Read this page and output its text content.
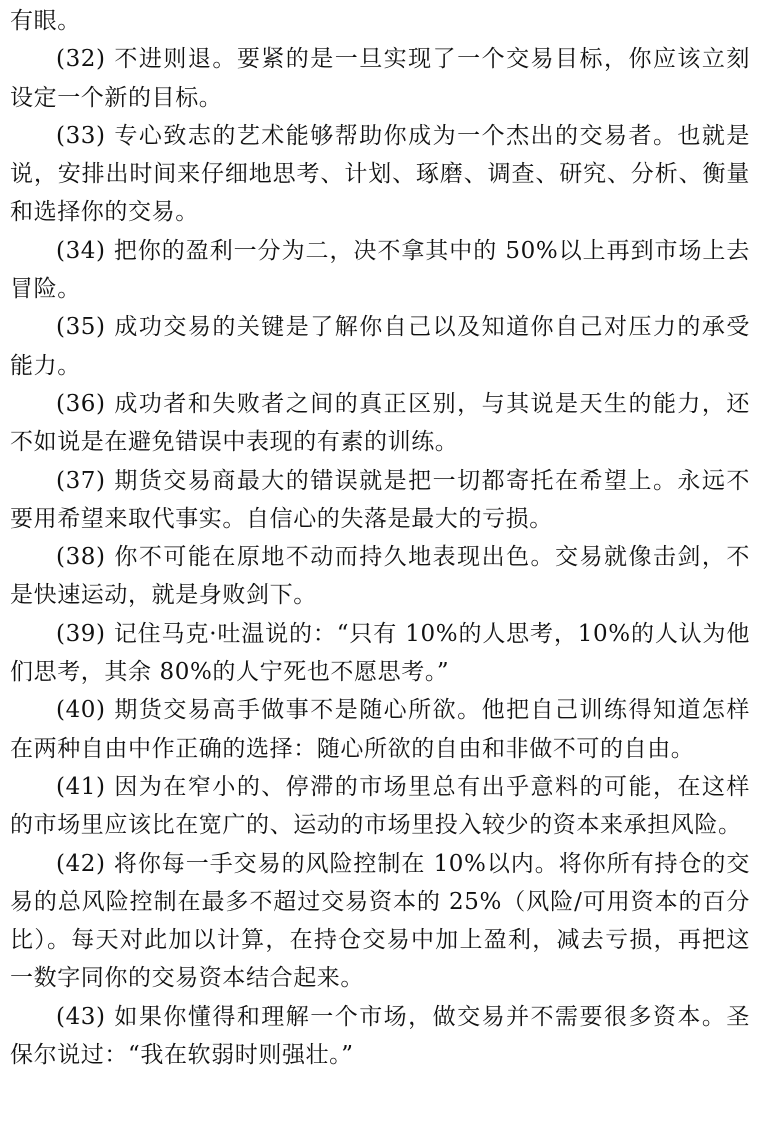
有眼。

(32) 不进则退。要紧的是一旦实现了一个交易目标，你应该立刻设定一个新的目标。

(33) 专心致志的艺术能够帮助你成为一个杰出的交易者。也就是说，安排出时间来仔细地思考、计划、琢磨、调查、研究、分析、衡量和选择你的交易。

(34) 把你的盈利一分为二，决不拿其中的 50%以上再到市场上去冒险。

(35) 成功交易的关键是了解你自己以及知道你自己对压力的承受能力。

(36) 成功者和失败者之间的真正区别，与其说是天生的能力，还不如说是在避免错误中表现的有素的训练。

(37) 期货交易商最大的错误就是把一切都寄托在希望上。永远不要用希望来取代事实。自信心的失落是最大的亏损。

(38) 你不可能在原地不动而持久地表现出色。交易就像击剑，不是快速运动，就是身败剑下。

(39) 记住马克·吐温说的：“只有 10%的人思考，10%的人认为他们思考，其余 80%的人宁死也不愿思考。”

(40) 期货交易高手做事不是随心所欲。他把自己训练得知道怎样在两种自由中作正确的选择：随心所欲的自由和非做不可的自由。

(41) 因为在窄小的、停滞的市场里总有出乎意料的可能，在这样的市场里应该比在宽广的、运动的市场里投入较少的资本来承担风险。

(42) 将你每一手交易的风险控制在 10%以内。将你所有持仓的交易的总风险控制在最多不超过交易资本的 25%（风险/可用资本的百分比）。每天对此加以计算，在持仓交易中加上盈利，减去亏损，再把这一数字同你的交易资本结合起来。

(43) 如果你懂得和理解一个市场，做交易并不需要很多资本。圣保尔说过：“我在软弱时则强壮。”
